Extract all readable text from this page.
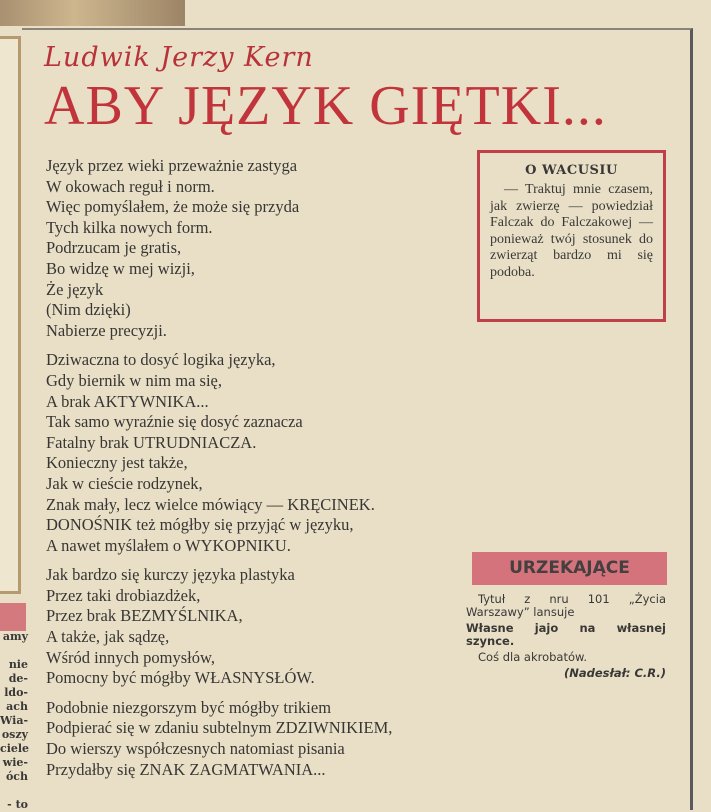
amy

nie
de-
ldo-
ach
Wia-
oszy
ciele
wie-
óch

- to
Ludwik Jerzy Kern
ABY JĘZYK GIĘTKI...
Język przez wieki przeważnie zastyga
W okowach reguł i norm.
Więc pomyślałem, że może się przyda
Tych kilka nowych form.
Podrzucam je gratis,
Bo widzę w mej wizji,
Że język
(Nim dzięki)
Nabierze precyzji.
Dziwaczna to dosyć logika języka,
Gdy biernik w nim ma się,
A brak AKTYWNIKA...
Tak samo wyraźnie się dosyć zaznacza
Fatalny brak UTRUDNIACZA.
Konieczny jest także,
Jak w cieście rodzynek,
Znak mały, lecz wielce mówiący — KRĘCINEK.
DONOŚNIK też mógłby się przyjąć w języku,
A nawet myślałem o WYKOPNIKU.
Jak bardzo się kurczy języka plastyka
Przez taki drobiazdżek,
Przez brak BEZMYŚLNIKA,
A także, jak sądzę,
Wśród innych pomysłów,
Pomocny być mógłby WŁASNYSŁÓW.
Podobnie niezgorszym być mógłby trikiem
Podpierać się w zdaniu subtelnym ZDZIWNIKIEM,
Do wierszy współczesnych natomiast pisania
Przydałby się ZNAK ZAGMATWANIA...
O WACUSIU

— Traktuj mnie czasem, jak zwierzę — powiedział Falczak do Falczakowej — ponieważ twój stosunek do zwierząt bardzo mi się podoba.

URZEKAJĄCE

Tytuł z nru 101 „Życia Warszawy” lansuje

Własne jajo na własnej szynce.

Coś dla akrobatów.

(Nadesłał: C.R.)
